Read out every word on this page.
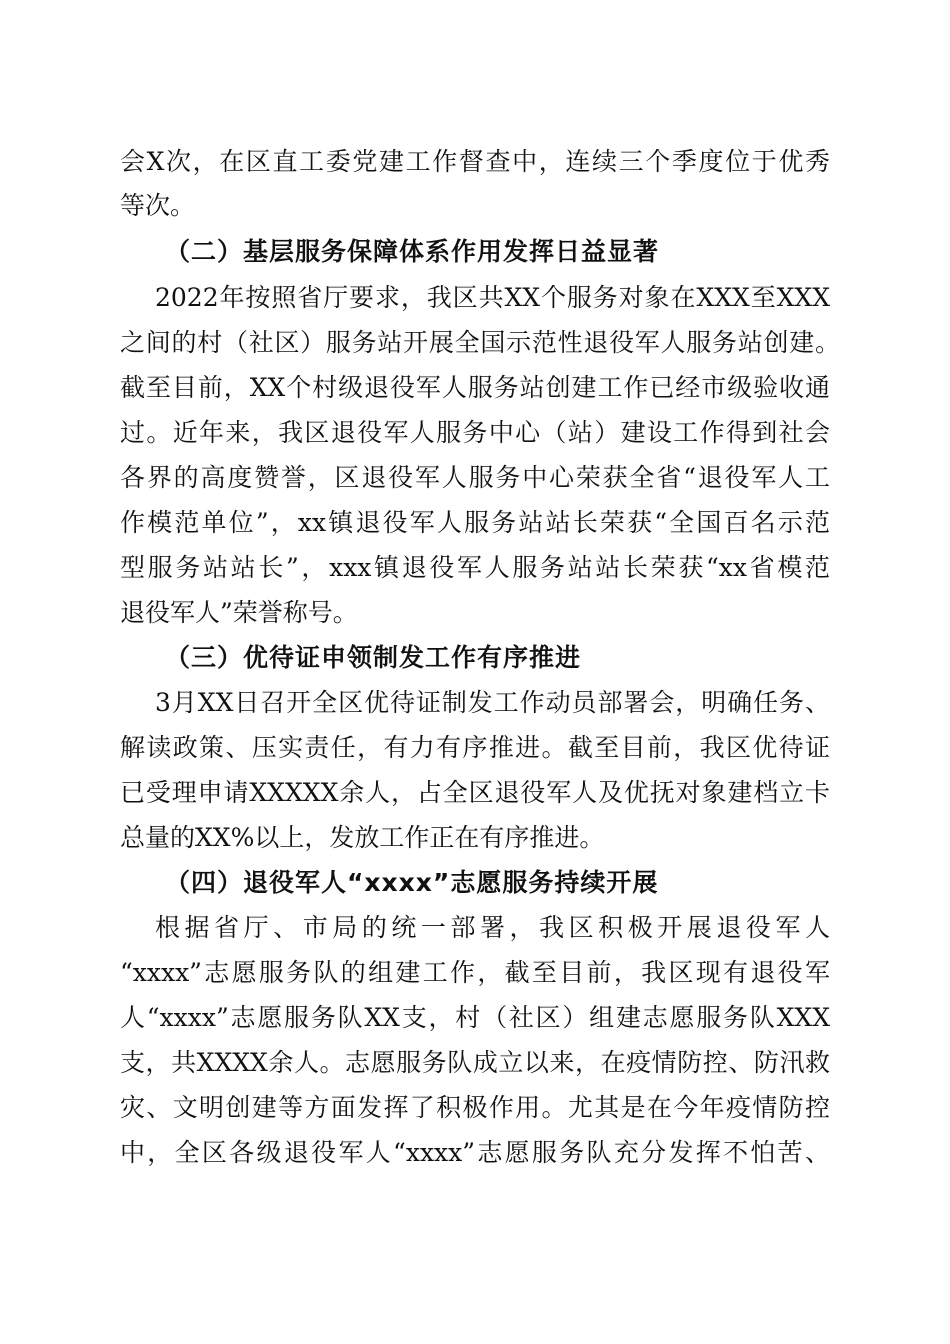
会X次，在区直工委党建工作督查中，连续三个季度位于优秀
等次。
（二）基层服务保障体系作用发挥日益显著
2022年按照省厅要求，我区共XX个服务对象在XXX至XXX
之间的村（社区）服务站开展全国示范性退役军人服务站创建。
截至目前，XX个村级退役军人服务站创建工作已经市级验收通
过。近年来，我区退役军人服务中心（站）建设工作得到社会
各界的高度赞誉，区退役军人服务中心荣获全省“退役军人工
作模范单位”，xx镇退役军人服务站站长荣获“全国百名示范
型服务站站长”，xxx镇退役军人服务站站长荣获“xx省模范
退役军人”荣誉称号。
（三）优待证申领制发工作有序推进
3月XX日召开全区优待证制发工作动员部署会，明确任务、
解读政策、压实责任，有力有序推进。截至目前，我区优待证
已受理申请XXXXX余人，占全区退役军人及优抚对象建档立卡
总量的XX%以上，发放工作正在有序推进。
（四）退役军人“xxxx”志愿服务持续开展
根据省厅、市局的统一部署，我区积极开展退役军人
“xxxx”志愿服务队的组建工作，截至目前，我区现有退役军
人“xxxx”志愿服务队XX支，村（社区）组建志愿服务队XXX
支，共XXXX余人。志愿服务队成立以来，在疫情防控、防汛救
灾、文明创建等方面发挥了积极作用。尤其是在今年疫情防控
中，全区各级退役军人“xxxx”志愿服务队充分发挥不怕苦、
